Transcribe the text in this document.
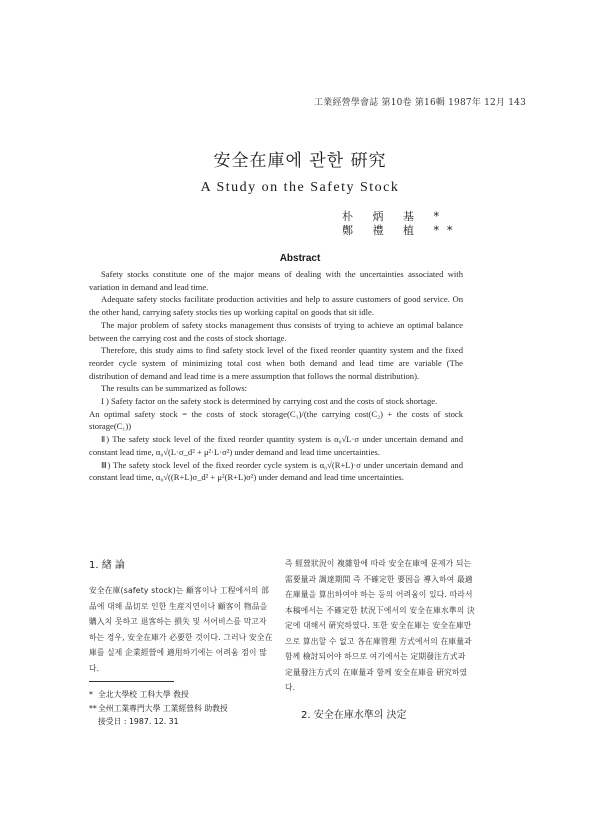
工業經營學會誌 第10卷 第16輯 1987年 12月 143
安全在庫에 관한 硏究
A Study on the Safety Stock
朴 炳 基 *
鄭 禮 植 **
Abstract

Safety stocks constitute one of the major means of dealing with the uncertainties associated with variation in demand and lead time.

Adequate safety stocks facilitate production activities and help to assure customers of good service. On the other hand, carrying safety stocks ties up working capital on goods that sit idle.

The major problem of safety stocks management thus consists of trying to achieve an optimal balance between the carrying cost and the costs of stock shortage.

Therefore, this study aims to find safety stock level of the fixed reorder quantity system and the fixed reorder cycle system of minimizing total cost when both demand and lead time are variable (The distribution of demand and lead time is a mere assumption that follows the normal distribution).

The results can be summarized as follows:

I ) Safety factor on the safety stock is determined by carrying cost and the costs of stock shortage.

An optimal safety stock = the costs of stock storage(C₁)/(the carrying cost(C₂) + the costs of stock storage(C₁))

Ⅱ) The safety stock level of the fixed reorder quantity system is α₀√L·σ under uncertain demand and constant lead time, α₀√(L·σ_d² + μ²·L·σ²) under demand and lead time uncertainties.

Ⅲ) The safety stock level of the fixed reorder cycle system is α₀√(R+L)·σ under uncertain demand and constant lead time, α₀√((R+L)σ_d² + μ²(R+L)σ²) under demand and lead time uncertainties.

1. 緖 論

安全在庫(safety stock)는 顧客이나 工程에서의 部品에 대해 品切로 인한 生産지연이나 顧客이 物品을 購入치 못하고 退客하는 損失 및 서어비스를 막고자 하는 경우, 安全在庫가 必要한 것이다. 그러나 安全在庫를 실제 企業經營에 適用하기에는 어려움 점이 많다.

* 全北大學校 工科大學 敎授

** 全州工業專門大學 工業經營科 助敎授

接受日 : 1987. 12. 31

즉 經營狀況이 複雜함에 따라 安全在庫에 문제가 되는 需要量과 調達期間 즉 不確定한 要因을 導入하여 最適在庫量을 算出하여야 하는 등의 어려움이 있다. 따라서 本稿에서는 不確定한 狀況下에서의 安全在庫水準의 決定에 대해서 硏究하였다. 또한 安全在庫는 安全在庫만으로 算出할 수 없고 各在庫管理 方式에서의 在庫量과 함께 檢討되어야 하므로 여기에서는 定期發注方式과 定量發注方式의 在庫量과 함께 安全在庫를 硏究하였다.

2. 安全在庫水準의 決定
